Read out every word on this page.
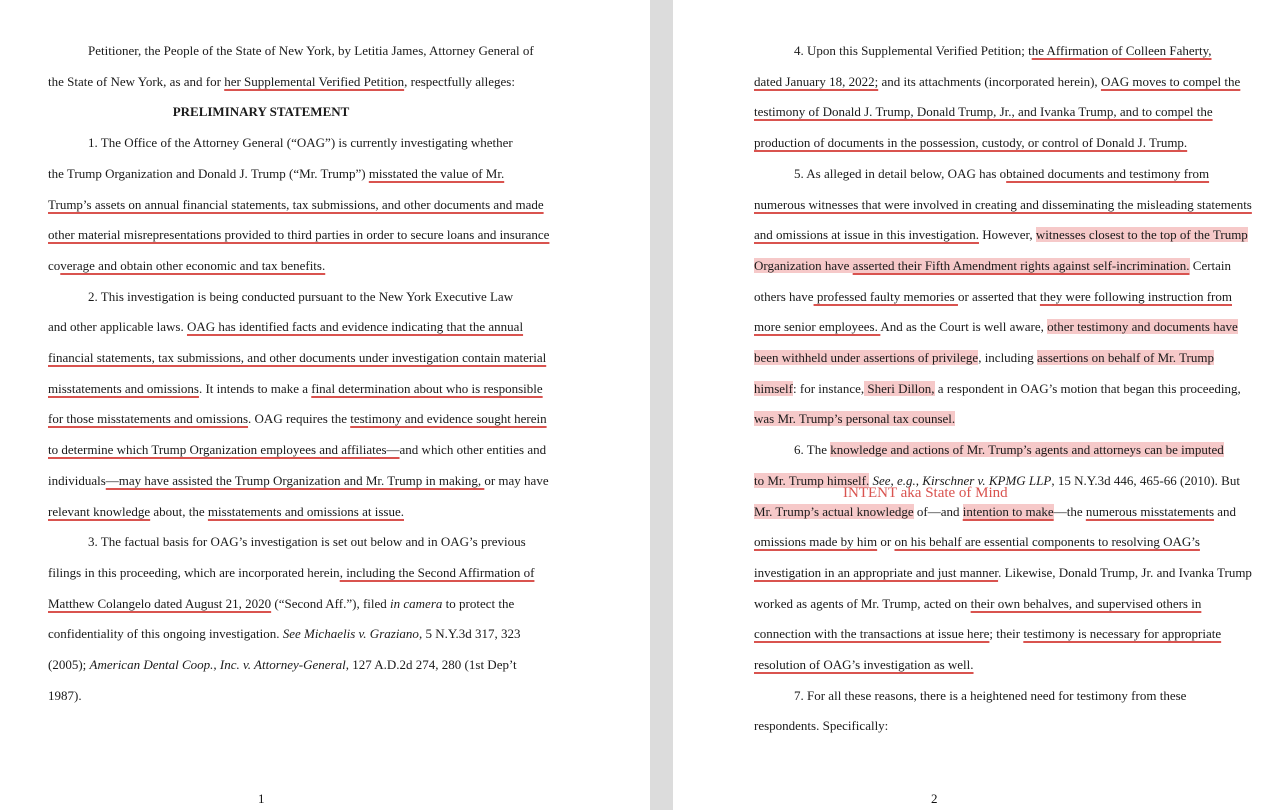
Petitioner, the People of the State of New York, by Letitia James, Attorney General of
the State of New York, as and for her Supplemental Verified Petition, respectfully alleges:
PRELIMINARY STATEMENT
1. The Office of the Attorney General (“OAG”) is currently investigating whether
the Trump Organization and Donald J. Trump (“Mr. Trump”) misstated the value of Mr.
Trump’s assets on annual financial statements, tax submissions, and other documents and made
other material misrepresentations provided to third parties in order to secure loans and insurance
coverage and obtain other economic and tax benefits.
2. This investigation is being conducted pursuant to the New York Executive Law
and other applicable laws. OAG has identified facts and evidence indicating that the annual
financial statements, tax submissions, and other documents under investigation contain material
misstatements and omissions. It intends to make a final determination about who is responsible
for those misstatements and omissions. OAG requires the testimony and evidence sought herein
to determine which Trump Organization employees and affiliates—and which other entities and
individuals—may have assisted the Trump Organization and Mr. Trump in making, or may have
relevant knowledge about, the misstatements and omissions at issue.
3. The factual basis for OAG’s investigation is set out below and in OAG’s previous
filings in this proceeding, which are incorporated herein, including the Second Affirmation of
Matthew Colangelo dated August 21, 2020 (“Second Aff.”), filed in camera to protect the
confidentiality of this ongoing investigation. See Michaelis v. Graziano, 5 N.Y.3d 317, 323
(2005); American Dental Coop., Inc. v. Attorney-General, 127 A.D.2d 274, 280 (1st Dep’t
1987).
1
4. Upon this Supplemental Verified Petition; the Affirmation of Colleen Faherty,
dated January 18, 2022; and its attachments (incorporated herein), OAG moves to compel the
testimony of Donald J. Trump, Donald Trump, Jr., and Ivanka Trump, and to compel the
production of documents in the possession, custody, or control of Donald J. Trump.
5. As alleged in detail below, OAG has obtained documents and testimony from
numerous witnesses that were involved in creating and disseminating the misleading statements
and omissions at issue in this investigation. However, witnesses closest to the top of the Trump
Organization have asserted their Fifth Amendment rights against self-incrimination. Certain
others have professed faulty memories or asserted that they were following instruction from
more senior employees. And as the Court is well aware, other testimony and documents have
been withheld under assertions of privilege, including assertions on behalf of Mr. Trump
himself: for instance, Sheri Dillon, a respondent in OAG’s motion that began this proceeding,
was Mr. Trump’s personal tax counsel.
6. The knowledge and actions of Mr. Trump’s agents and attorneys can be imputed
to Mr. Trump himself. See, e.g., Kirschner v. KPMG LLP, 15 N.Y.3d 446, 465-66 (2010). But
Mr. Trump’s actual knowledge of—and intention to make—the numerous misstatements and
omissions made by him or on his behalf are essential components to resolving OAG’s
investigation in an appropriate and just manner. Likewise, Donald Trump, Jr. and Ivanka Trump
worked as agents of Mr. Trump, acted on their own behalves, and supervised others in
connection with the transactions at issue here; their testimony is necessary for appropriate
resolution of OAG’s investigation as well.
7. For all these reasons, there is a heightened need for testimony from these
respondents. Specifically:
2
INTENT aka State of Mind
